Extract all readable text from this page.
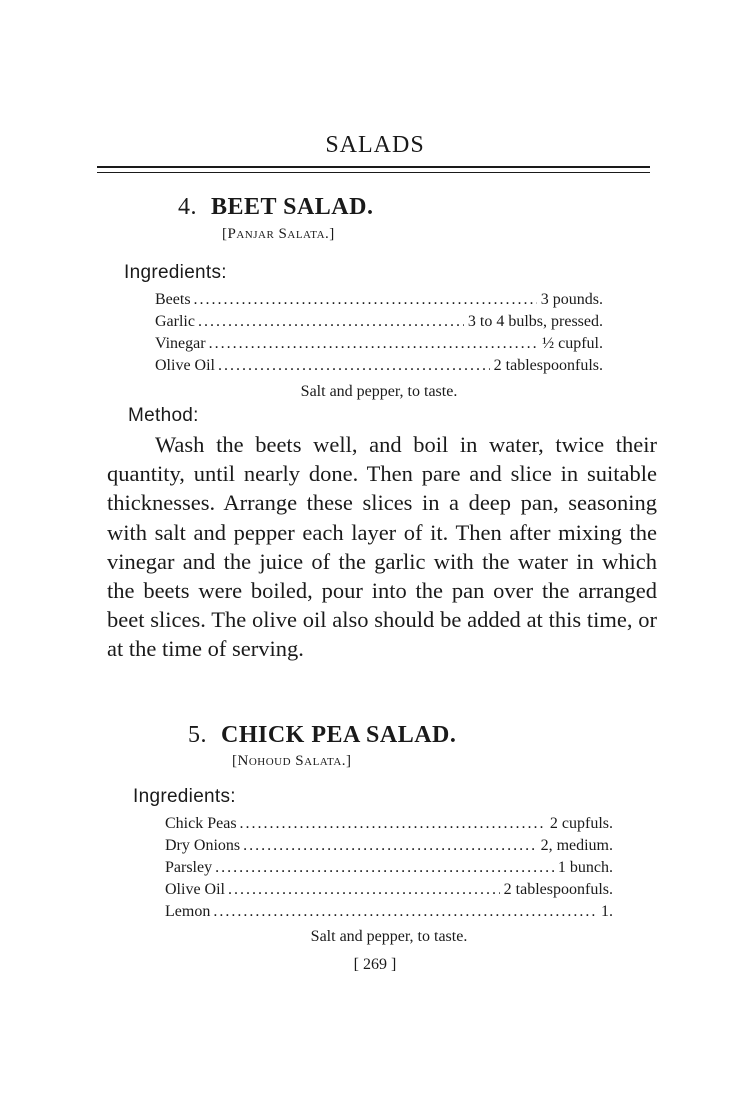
SALADS
4. BEET SALAD.
[Panjar Salata.]
Ingredients:
Beets .....	3 pounds.
Garlic .....	3 to 4 bulbs, pressed.
Vinegar .....	½ cupful.
Olive Oil .....	2 tablespoonfuls.
Salt and pepper, to taste.
Method:

Wash the beets well, and boil in water, twice their quantity, until nearly done. Then pare and slice in suitable thicknesses. Arrange these slices in a deep pan, seasoning with salt and pepper each layer of it. Then after mixing the vinegar and the juice of the garlic with the water in which the beets were boiled, pour into the pan over the arranged beet slices. The olive oil also should be added at this time, or at the time of serving.

5. CHICK PEA SALAD.
[Nohoud Salata.]
Ingredients:
Chick Peas .....	2 cupfuls.
Dry Onions .....	2, medium.
Parsley .....	1 bunch.
Olive Oil .....	2 tablespoonfuls.
Lemon .....	1.
Salt and pepper, to taste.
[ 269 ]
